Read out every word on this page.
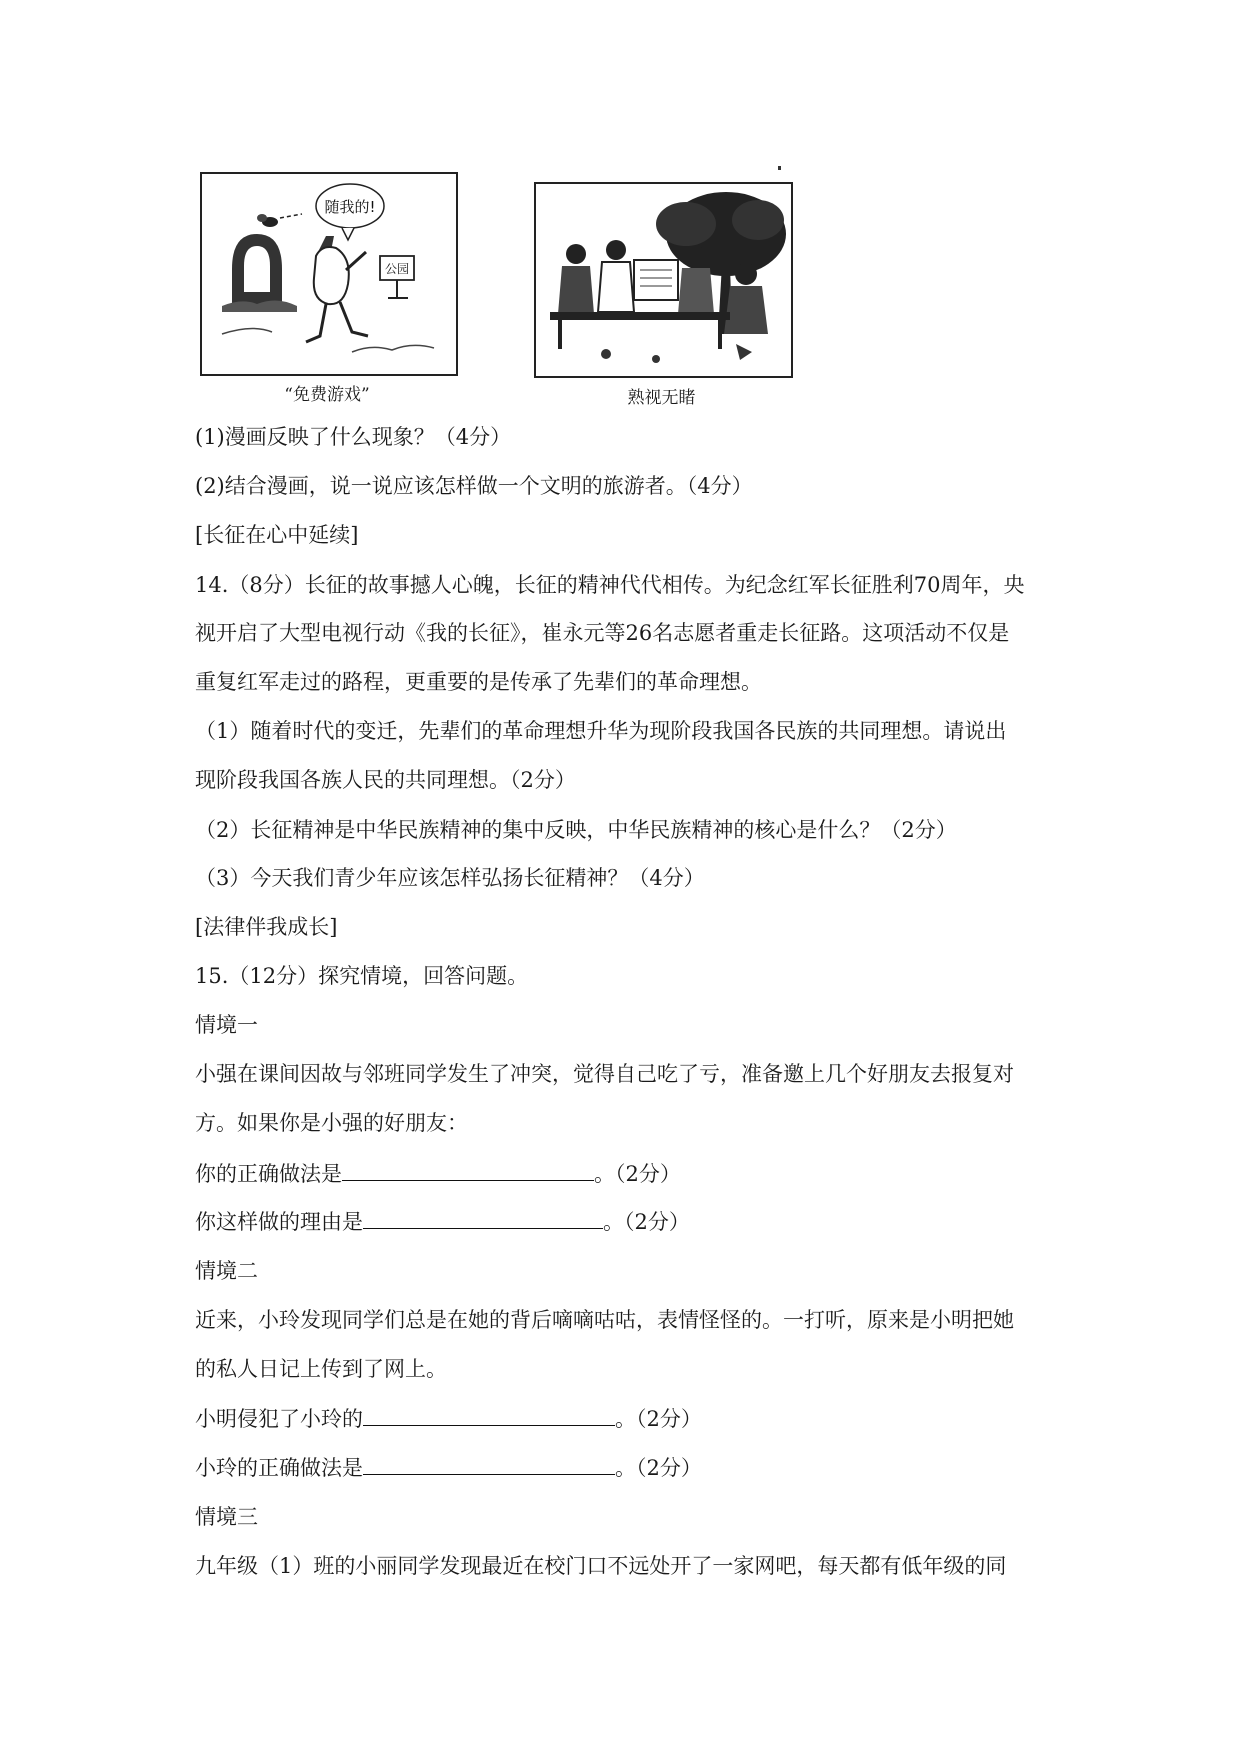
随我的!
公园
“免费游戏”	熟视无睹
(1)漫画反映了什么现象？（4分）
(2)结合漫画，说一说应该怎样做一个文明的旅游者。（4分）
[长征在心中延续]
14.（8分）长征的故事撼人心魄，长征的精神代代相传。为纪念红军长征胜利70周年，央
视开启了大型电视行动《我的长征》，崔永元等26名志愿者重走长征路。这项活动不仅是
重复红军走过的路程，更重要的是传承了先辈们的革命理想。
（1）随着时代的变迁，先辈们的革命理想升华为现阶段我国各民族的共同理想。请说出
现阶段我国各族人民的共同理想。（2分）
（2）长征精神是中华民族精神的集中反映，中华民族精神的核心是什么？（2分）
（3）今天我们青少年应该怎样弘扬长征精神？（4分）
[法律伴我成长]
15.（12分）探究情境，回答问题。
情境一
小强在课间因故与邻班同学发生了冲突，觉得自己吃了亏，准备邀上几个好朋友去报复对
方。如果你是小强的好朋友：
你的正确做法是	。（2分）
你这样做的理由是	。（2分）
情境二
近来，小玲发现同学们总是在她的背后嘀嘀咕咕，表情怪怪的。一打听，原来是小明把她
的私人日记上传到了网上。
小明侵犯了小玲的	。（2分）
小玲的正确做法是	。（2分）
情境三
九年级（1）班的小丽同学发现最近在校门口不远处开了一家网吧，每天都有低年级的同
